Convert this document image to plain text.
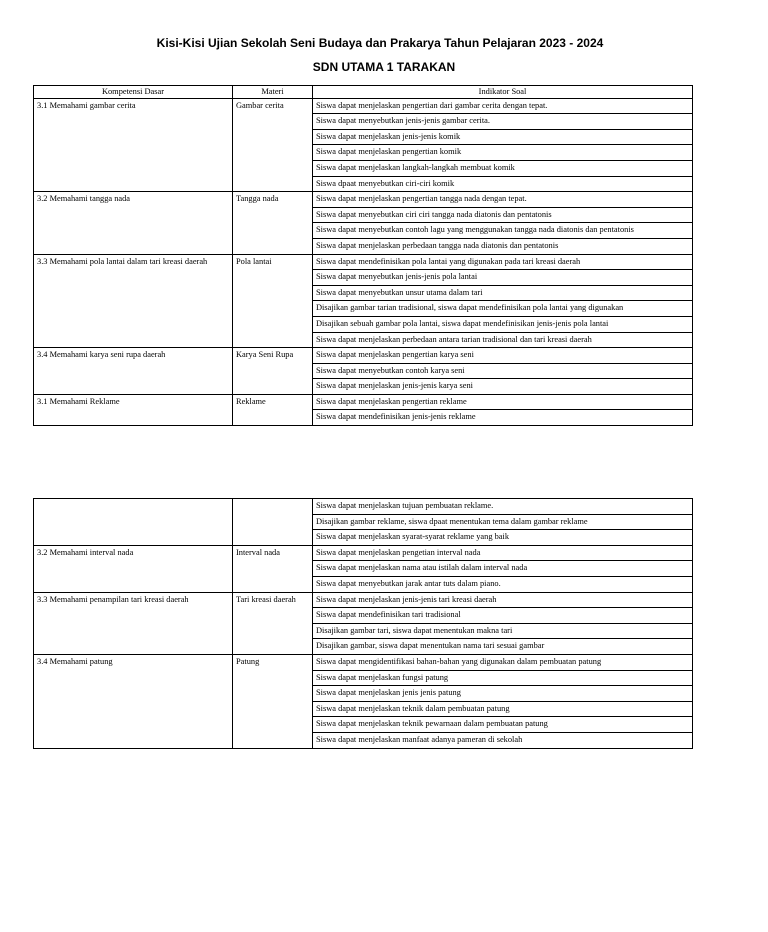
Kisi-Kisi Ujian Sekolah Seni Budaya dan Prakarya Tahun Pelajaran 2023 - 2024
SDN UTAMA 1 TARAKAN
Kompetensi Dasar	Materi	Indikator Soal
3.1 Memahami gambar cerita	Gambar cerita	Siswa dapat menjelaskan pengertian dari gambar cerita dengan tepat.
		Siswa dapat menyebutkan jenis-jenis gambar cerita.
		Siswa dapat menjelaskan jenis-jenis komik
		Siswa dapat menjelaskan pengertian komik
		Siswa dapat menjelaskan langkah-langkah membuat komik
		Siswa dpaat menyebutkan ciri-ciri komik
3.2 Memahami tangga nada	Tangga nada	Siswa dapat menjelaskan pengertian tangga nada dengan tepat.
		Siswa dapat menyebutkan ciri ciri tangga nada diatonis dan pentatonis
		Siswa dapat menyebutkan contoh lagu yang menggunakan tangga nada diatonis dan pentatonis
		Siswa dapat menjelaskan perbedaan tangga nada diatonis dan pentatonis
3.3 Memahami pola lantai dalam tari kreasi daerah	Pola lantai	Siswa dapat mendefinisikan pola lantai yang digunakan pada tari kreasi daerah
		Siswa dapat menyebutkan jenis-jenis pola lantai
		Siswa dapat menyebutkan unsur utama dalam tari
		Disajikan gambar tarian tradisional, siswa dapat mendefinisikan pola lantai yang digunakan
		Disajikan sebuah gambar pola lantai, siswa dapat mendefinisikan jenis-jenis pola lantai
		Siswa dapat menjelaskan perbedaan antara tarian tradisional dan tari kreasi daerah
3.4 Memahami karya seni rupa daerah	Karya Seni Rupa	Siswa dapat menjelaskan pengertian karya seni
		Siswa dapat menyebutkan contoh karya seni
		Siswa dapat menjelaskan jenis-jenis karya seni
3.1 Memahami Reklame	Reklame	Siswa dapat menjelaskan pengertian reklame
		Siswa dapat mendefinisikan jenis-jenis reklame
		Siswa dapat menjelaskan tujuan pembuatan reklame.
		Disajikan gambar reklame, siswa dpaat menentukan tema dalam gambar reklame
		Siswa dapat menjelaskan syarat-syarat reklame yang baik
3.2 Memahami interval nada	Interval nada	Siswa dapat menjelaskan pengetian interval nada
		Siswa dapat menjelaskan nama atau istilah dalam interval nada
		Siswa dapat menyebutkan jarak antar tuts dalam piano.
3.3 Memahami penampilan tari kreasi daerah	Tari kreasi daerah	Siswa dapat menjelaskan jenis-jenis tari kreasi daerah
		Siswa dapat mendefinisikan tari tradisional
		Disajikan gambar tari, siswa dapat menentukan makna tari
		Disajikan gambar, siswa dapat menentukan nama tari sesuai gambar
3.4 Memahami patung	Patung	Siswa dapat mengidentifikasi bahan-bahan yang digunakan dalam pembuatan patung
		Siswa dapat menjelaskan fungsi patung
		Siswa dapat menjelaskan jenis jenis patung
		Siswa dapat menjelaskan teknik dalam pembuatan patung
		Siswa dapat menjelaskan teknik pewarnaan dalam pembuatan patung
		Siswa dapat menjelaskan manfaat adanya pameran di sekolah
